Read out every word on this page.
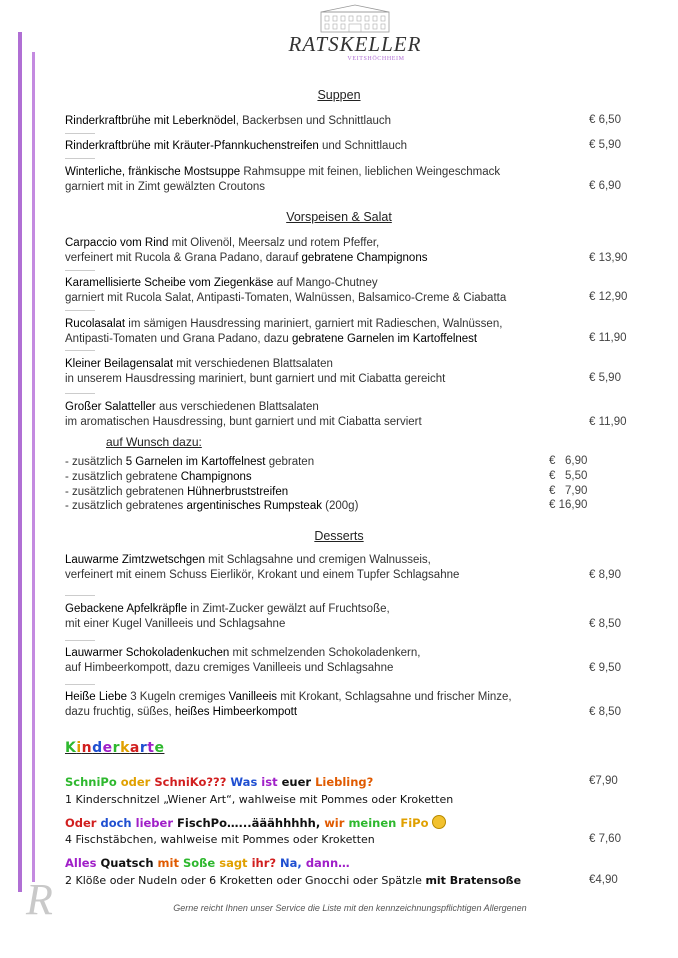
RATSKELLER
VEITSHÖCHHEIM
Suppen
Rinderkraftbrühe mit Leberknödel, Backerbsen und Schnittlauch	€ 6,50
Rinderkraftbrühe mit Kräuter-Pfannkuchenstreifen und Schnittlauch	€ 5,90
Winterliche, fränkische Mostsuppe Rahmsuppe mit feinen, lieblichen Weingeschmack
garniert mit in Zimt gewälzten Croutons	€ 6,90
Vorspeisen & Salat
Carpaccio vom Rind mit Olivenöl, Meersalz und rotem Pfeffer,
verfeinert mit Rucola & Grana Padano, darauf gebratene Champignons	€ 13,90
Karamellisierte Scheibe vom Ziegenkäse auf Mango-Chutney
garniert mit Rucola Salat, Antipasti-Tomaten, Walnüssen, Balsamico-Creme & Ciabatta	€ 12,90
Rucolasalat im sämigen Hausdressing mariniert, garniert mit Radieschen, Walnüssen,
Antipasti-Tomaten und Grana Padano, dazu gebratene Garnelen im Kartoffelnest	€ 11,90
Kleiner Beilagensalat mit verschiedenen Blattsalaten
in unserem Hausdressing mariniert, bunt garniert und mit Ciabatta gereicht	€ 5,90
Großer Salatteller aus verschiedenen Blattsalaten
im aromatischen Hausdressing, bunt garniert und mit Ciabatta serviert	€ 11,90
auf Wunsch dazu:
- zusätzlich 5 Garnelen im Kartoffelnest gebraten	€   6,90
- zusätzlich gebratene Champignons	€   5,50
- zusätzlich gebratenen Hühnerbruststreifen	€   7,90
- zusätzlich gebratenes argentinisches Rumpsteak (200g)	€ 16,90
Desserts
Lauwarme Zimtzwetschgen mit Schlagsahne und cremigen Walnusseis,
verfeinert mit einem Schuss Eierlikör, Krokant und einem Tupfer Schlagsahne	€ 8,90
Gebackene Apfelkräpfle in Zimt-Zucker gewälzt auf Fruchtsoße,
mit einer Kugel Vanilleeis und Schlagsahne	€ 8,50
Lauwarmer Schokoladenkuchen mit schmelzenden Schokoladenkern,
auf Himbeerkompott, dazu cremiges Vanilleeis und Schlagsahne	€ 9,50
Heiße Liebe 3 Kugeln cremiges Vanilleeis mit Krokant, Schlagsahne und frischer Minze,
dazu fruchtig, süßes, heißes Himbeerkompott	€ 8,50
Kinderkarte
SchniPo oder SchniKo??? Was ist euer Liebling?
1 Kinderschnitzel „Wiener Art“, wahlweise mit Pommes oder Kroketten
€7,90
Oder doch lieber FischPo…...ääähhhhh, wir meinen FiPo
4 Fischstäbchen, wahlweise mit Pommes oder Kroketten	€ 7,60
Alles Quatsch mit Soße sagt ihr? Na, dann…
2 Klöße oder Nudeln oder 6 Kroketten oder Gnocchi oder Spätzle mit Bratensoße	€4,90
R	Gerne reicht Ihnen unser Service die Liste mit den kennzeichnungspflichtigen Allergenen
